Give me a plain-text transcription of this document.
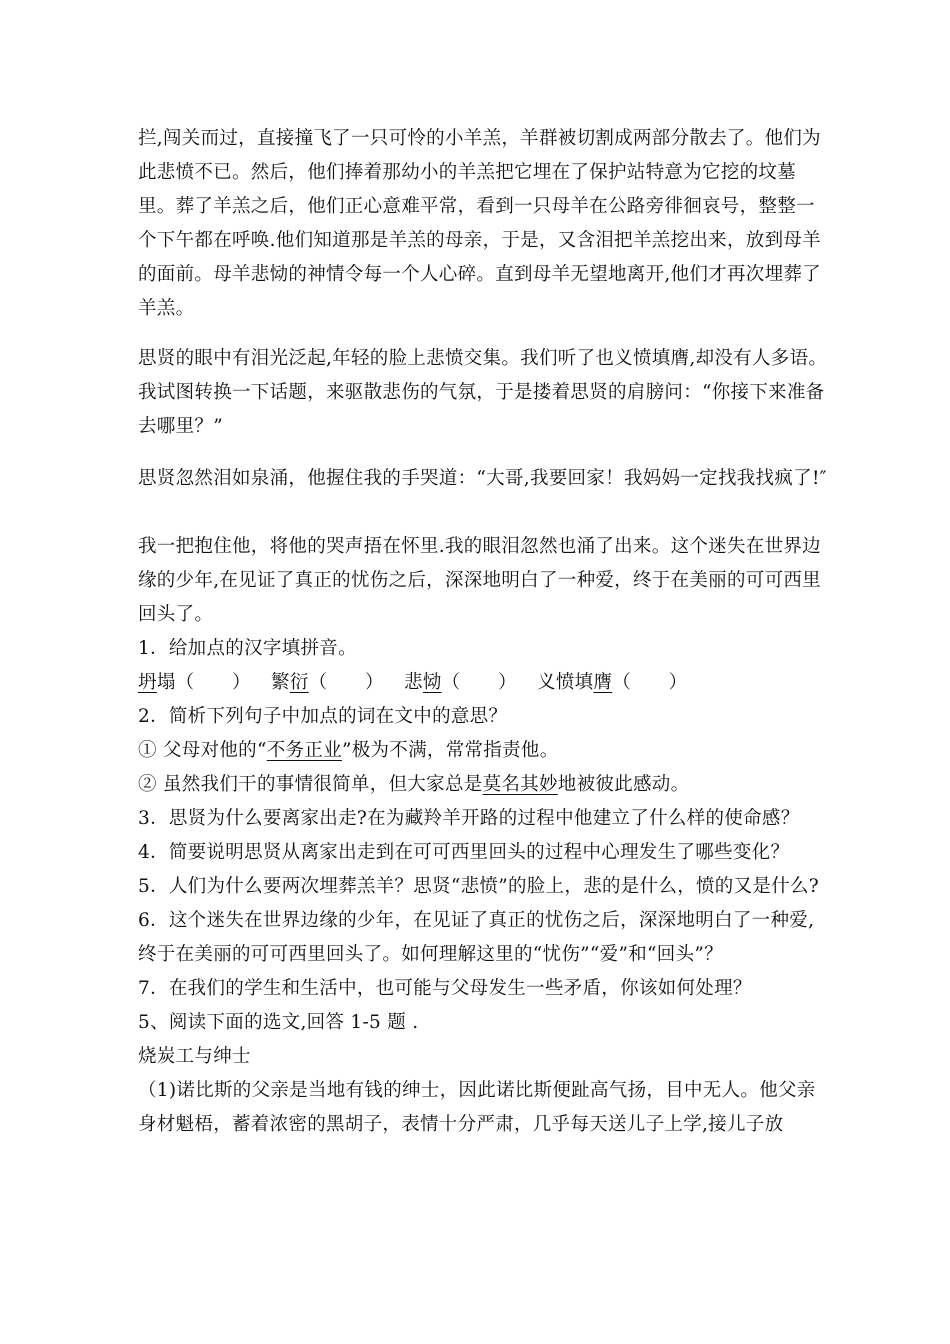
拦,闯关而过，直接撞飞了一只可怜的小羊羔，羊群被切割成两部分散去了。他们为此悲愤不已。然后，他们捧着那幼小的羊羔把它埋在了保护站特意为它挖的坟墓里。葬了羊羔之后，他们正心意难平常，看到一只母羊在公路旁徘徊哀号，整整一个下午都在呼唤.他们知道那是羊羔的母亲，于是，又含泪把羊羔挖出来，放到母羊的面前。母羊悲恸的神情令每一个人心碎。直到母羊无望地离开,他们才再次埋葬了羊羔。

思贤的眼中有泪光泛起,年轻的脸上悲愤交集。我们听了也义愤填膺,却没有人多语。我试图转换一下话题，来驱散悲伤的气氛，于是搂着思贤的肩膀问：“你接下来准备去哪里？”

思贤忽然泪如泉涌，他握住我的手哭道：“大哥,我要回家！我妈妈一定找我找疯了!″

我一把抱住他，将他的哭声捂在怀里.我的眼泪忽然也涌了出来。这个迷失在世界边缘的少年,在见证了真正的忧伤之后，深深地明白了一种爱，终于在美丽的可可西里回头了。

1．给加点的汉字填拼音。
坍塌（　　） 繁衍（　　） 悲恸（　　） 义愤填膺（　　）
2．简析下列句子中加点的词在文中的意思？
① 父母对他的“不务正业”极为不满，常常指责他。
② 虽然我们干的事情很简单，但大家总是莫名其妙地被彼此感动。
3．思贤为什么要离家出走?在为藏羚羊开路的过程中他建立了什么样的使命感？
4．简要说明思贤从离家出走到在可可西里回头的过程中心理发生了哪些变化？
5．人们为什么要两次埋葬羔羊？思贤“悲愤”的脸上，悲的是什么，愤的又是什么?
6．这个迷失在世界边缘的少年，在见证了真正的忧伤之后，深深地明白了一种爱,终于在美丽的可可西里回头了。如何理解这里的“忧伤”“爱”和“回头”？
7．在我们的学生和生活中，也可能与父母发生一些矛盾，你该如何处理？
5、阅读下面的选文,回答 1-5 题 .
烧炭工与绅士
（1)诺比斯的父亲是当地有钱的绅士，因此诺比斯便趾高气扬，目中无人。他父亲身材魁梧，蓄着浓密的黑胡子，表情十分严肃，几乎每天送儿子上学,接儿子放
